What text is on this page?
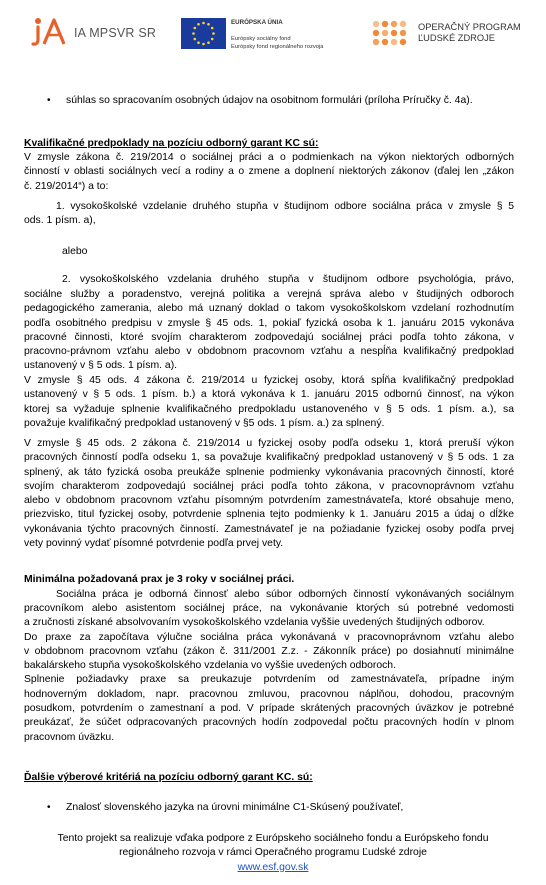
IA MPSVR SR
EURÓPSKA ÚNIA
Európsky sociálny fond
Európsky fond regionálneho rozvoja
OPERAČNÝ PROGRAM
ĽUDSKÉ ZDROJE
• súhlas so spracovaním osobných údajov na osobitnom formulári (príloha Príručky č. 4a).
Kvalifikačné predpoklady na pozíciu odborný garant KC sú:
V zmysle zákona č. 219/2014 o sociálnej práci a o podmienkach na výkon niektorých odborných
činností v oblasti sociálnych vecí a rodiny a o zmene a doplnení niektorých zákonov (ďalej len „zákon
č. 219/2014“) a to:
1. vysokoškolské vzdelanie druhého stupňa v študijnom odbore sociálna práca v zmysle § 5
ods. 1 písm. a),
alebo
2. vysokoškolského vzdelania druhého stupňa v študijnom odbore psychológia, právo,
sociálne služby a poradenstvo, verejná politika a verejná správa alebo v študijných odboroch
pedagogického zamerania, alebo má uznaný doklad o takom vysokoškolskom vzdelaní rozhodnutím
podľa osobitného predpisu v zmysle § 45 ods. 1, pokiaľ fyzická osoba k 1. januáru 2015 vykonáva
pracovné činnosti, ktoré svojím charakterom zodpovedajú sociálnej práci podľa tohto zákona, v
pracovno-právnom vzťahu alebo v obdobnom pracovnom vzťahu a nespĺňa kvalifikačný predpoklad
ustanovený v § 5 ods. 1 písm. a).
V zmysle § 45 ods. 4 zákona č. 219/2014 u fyzickej osoby, ktorá spĺňa kvalifikačný predpoklad
ustanovený v § 5 ods. 1 písm. b.) a ktorá vykonáva k 1. januáru 2015 odbornú činnosť, na výkon
ktorej sa vyžaduje splnenie kvalifikačného predpokladu ustanoveného v § 5 ods. 1 písm. a.), sa
považuje kvalifikačný predpoklad ustanovený v §5 ods. 1 písm. a.) za splnený.
V zmysle § 45 ods. 2 zákona č. 219/2014 u fyzickej osoby podľa odseku 1, ktorá preruší výkon
pracovných činností podľa odseku 1, sa považuje kvalifikačný predpoklad ustanovený v § 5 ods. 1 za
splnený, ak táto fyzická osoba preukáže splnenie podmienky vykonávania pracovných činností, ktoré
svojím charakterom zodpovedajú sociálnej práci podľa tohto zákona, v pracovnoprávnom vzťahu
alebo v obdobnom pracovnom vzťahu písomným potvrdením zamestnávateľa, ktoré obsahuje meno,
priezvisko, titul fyzickej osoby, potvrdenie splnenia tejto podmienky k 1. Januáru 2015 a údaj o dĺžke
vykonávania týchto pracovných činností. Zamestnávateľ je na požiadanie fyzickej osoby podľa prvej
vety povinný vydať písomné potvrdenie podľa prvej vety.
Minimálna požadovaná prax je 3 roky v sociálnej práci.
Sociálna práca je odborná činnosť alebo súbor odborných činností vykonávaných sociálnym
pracovníkom alebo asistentom sociálnej práce, na vykonávanie ktorých sú potrebné vedomosti
a zručnosti získané absolvovaním vysokoškolského vzdelania vyššie uvedených študijných odborov.
Do praxe za započítava výlučne sociálna práca vykonávaná v pracovnoprávnom vzťahu alebo
v obdobnom pracovnom vzťahu (zákon č. 311/2001 Z.z. - Zákonník práce) po dosiahnutí minimálne
bakalárskeho stupňa vysokoškolského vzdelania vo vyššie uvedených odboroch.
Splnenie požiadavky praxe sa preukazuje potvrdením od zamestnávateľa, prípadne iným
hodnoverným dokladom, napr. pracovnou zmluvou, pracovnou náplňou, dohodou, pracovným
posudkom, potvrdením o zamestnaní a pod. V prípade skrátených pracovných úväzkov je potrebné
preukázať, že súčet odpracovaných pracovných hodín zodpovedal počtu pracovných hodín v plnom
pracovnom úväzku.
Ďalšie výberové kritériá na pozíciu odborný garant KC. sú:
• Znalosť slovenského jazyka na úrovni minimálne C1-Skúsený používateľ,
Tento projekt sa realizuje vďaka podpore z Európskeho sociálneho fondu a Európskeho fondu
regionálneho rozvoja v rámci Operačného programu Ľudské zdroje
www.esf.gov.sk
